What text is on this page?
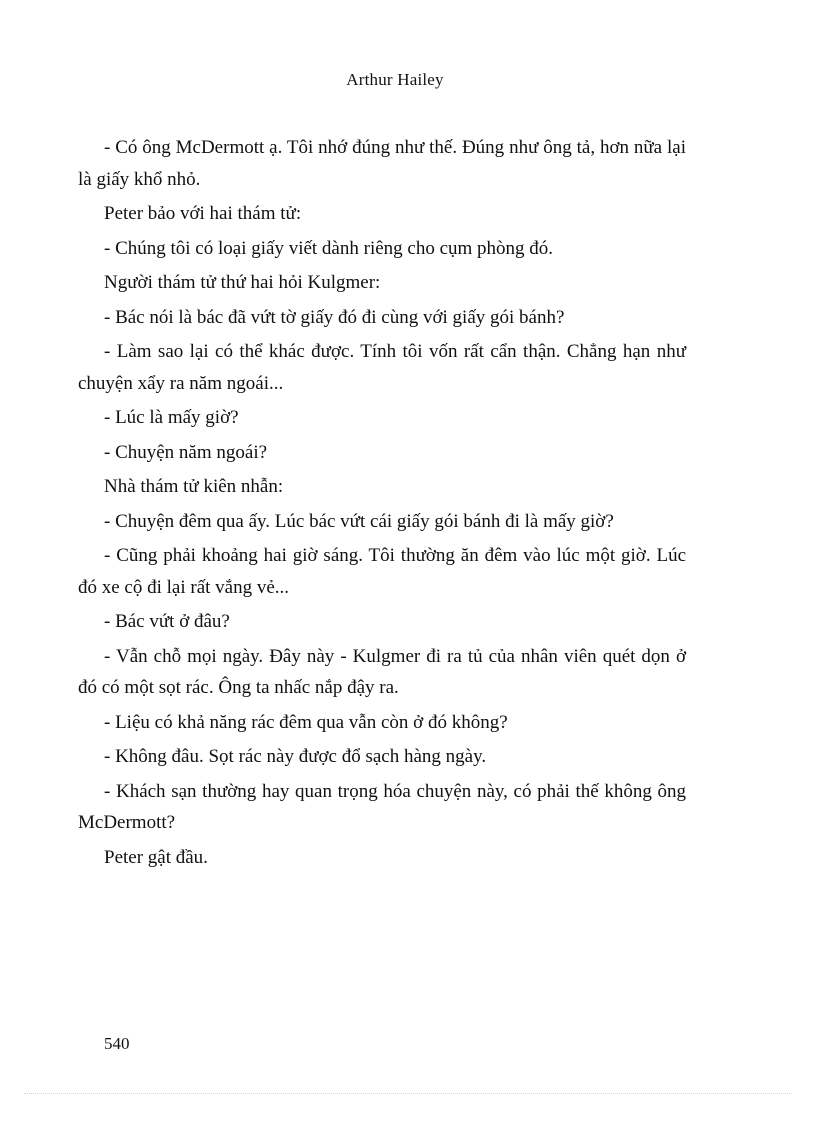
Arthur Hailey

- Có ông McDermott ạ. Tôi nhớ đúng như thế. Đúng như ông tả, hơn nữa lại là giấy khổ nhỏ.

Peter bảo với hai thám tử:

- Chúng tôi có loại giấy viết dành riêng cho cụm phòng đó.

Người thám tử thứ hai hỏi Kulgmer:

- Bác nói là bác đã vứt tờ giấy đó đi cùng với giấy gói bánh?

- Làm sao lại có thể khác được. Tính tôi vốn rất cẩn thận. Chẳng hạn như chuyện xẩy ra năm ngoái...

- Lúc là mấy giờ?

- Chuyện năm ngoái?

Nhà thám tử kiên nhẫn:

- Chuyện đêm qua ấy. Lúc bác vứt cái giấy gói bánh đi là mấy giờ?

- Cũng phải khoảng hai giờ sáng. Tôi thường ăn đêm vào lúc một giờ. Lúc đó xe cộ đi lại rất vắng vẻ...

- Bác vứt ở đâu?

- Vẫn chỗ mọi ngày. Đây này - Kulgmer đi ra tủ của nhân viên quét dọn ở đó có một sọt rác. Ông ta nhấc nắp đậy ra.

- Liệu có khả năng rác đêm qua vẫn còn ở đó không?

- Không đâu. Sọt rác này được đổ sạch hàng ngày.

- Khách sạn thường hay quan trọng hóa chuyện này, có phải thế không ông McDermott?

Peter gật đầu.

540
